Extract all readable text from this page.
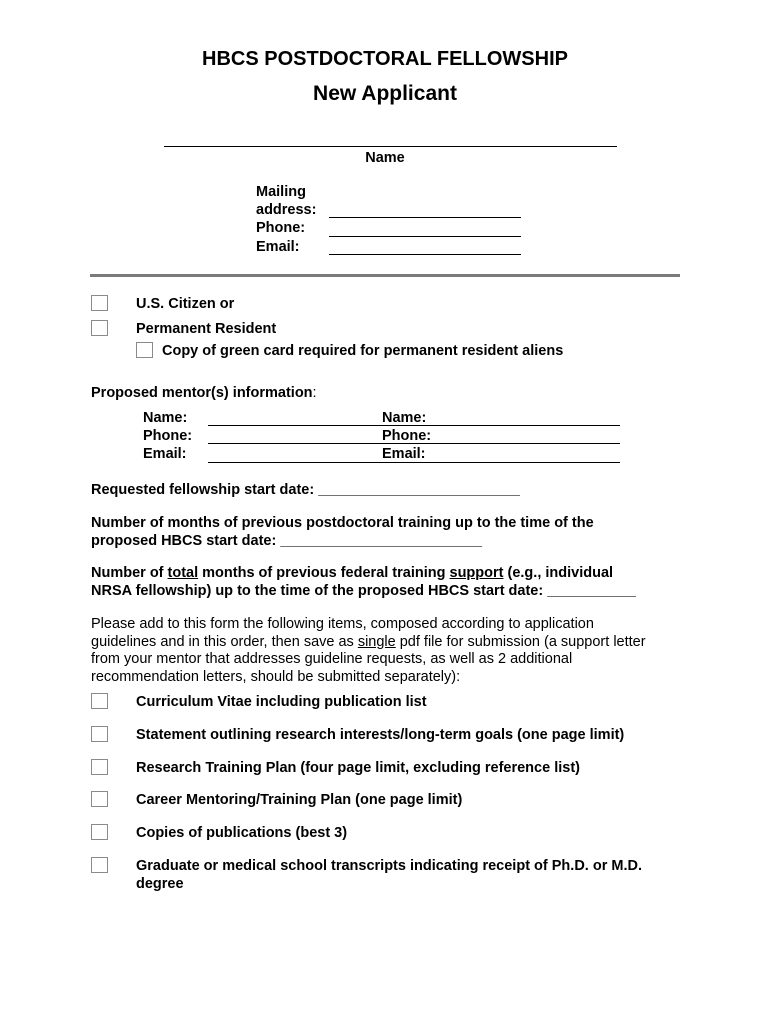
HBCS POSTDOCTORAL FELLOWSHIP
New Applicant
Name
Mailing
address:
Phone:
Email:
U.S. Citizen or
Permanent Resident
Copy of green card required for permanent resident aliens
Proposed mentor(s) information:
Name:
Phone:
Email:
Name:
Phone:
Email:
Requested fellowship start date: _________________________
Number of months of previous postdoctoral training up to the time of the
proposed HBCS start date: _________________________
Number of total months of previous federal training support (e.g., individual
NRSA fellowship) up to the time of the proposed HBCS start date: ___________
Please add to this form the following items, composed according to application
guidelines and in this order, then save as single pdf file for submission (a support letter
from your mentor that addresses guideline requests, as well as 2 additional
recommendation letters, should be submitted separately):
Curriculum Vitae including publication list
Statement outlining research interests/long-term goals (one page limit)
Research Training Plan (four page limit, excluding reference list)
Career Mentoring/Training Plan (one page limit)
Copies of publications (best 3)
Graduate or medical school transcripts indicating receipt of Ph.D. or M.D.
degree
